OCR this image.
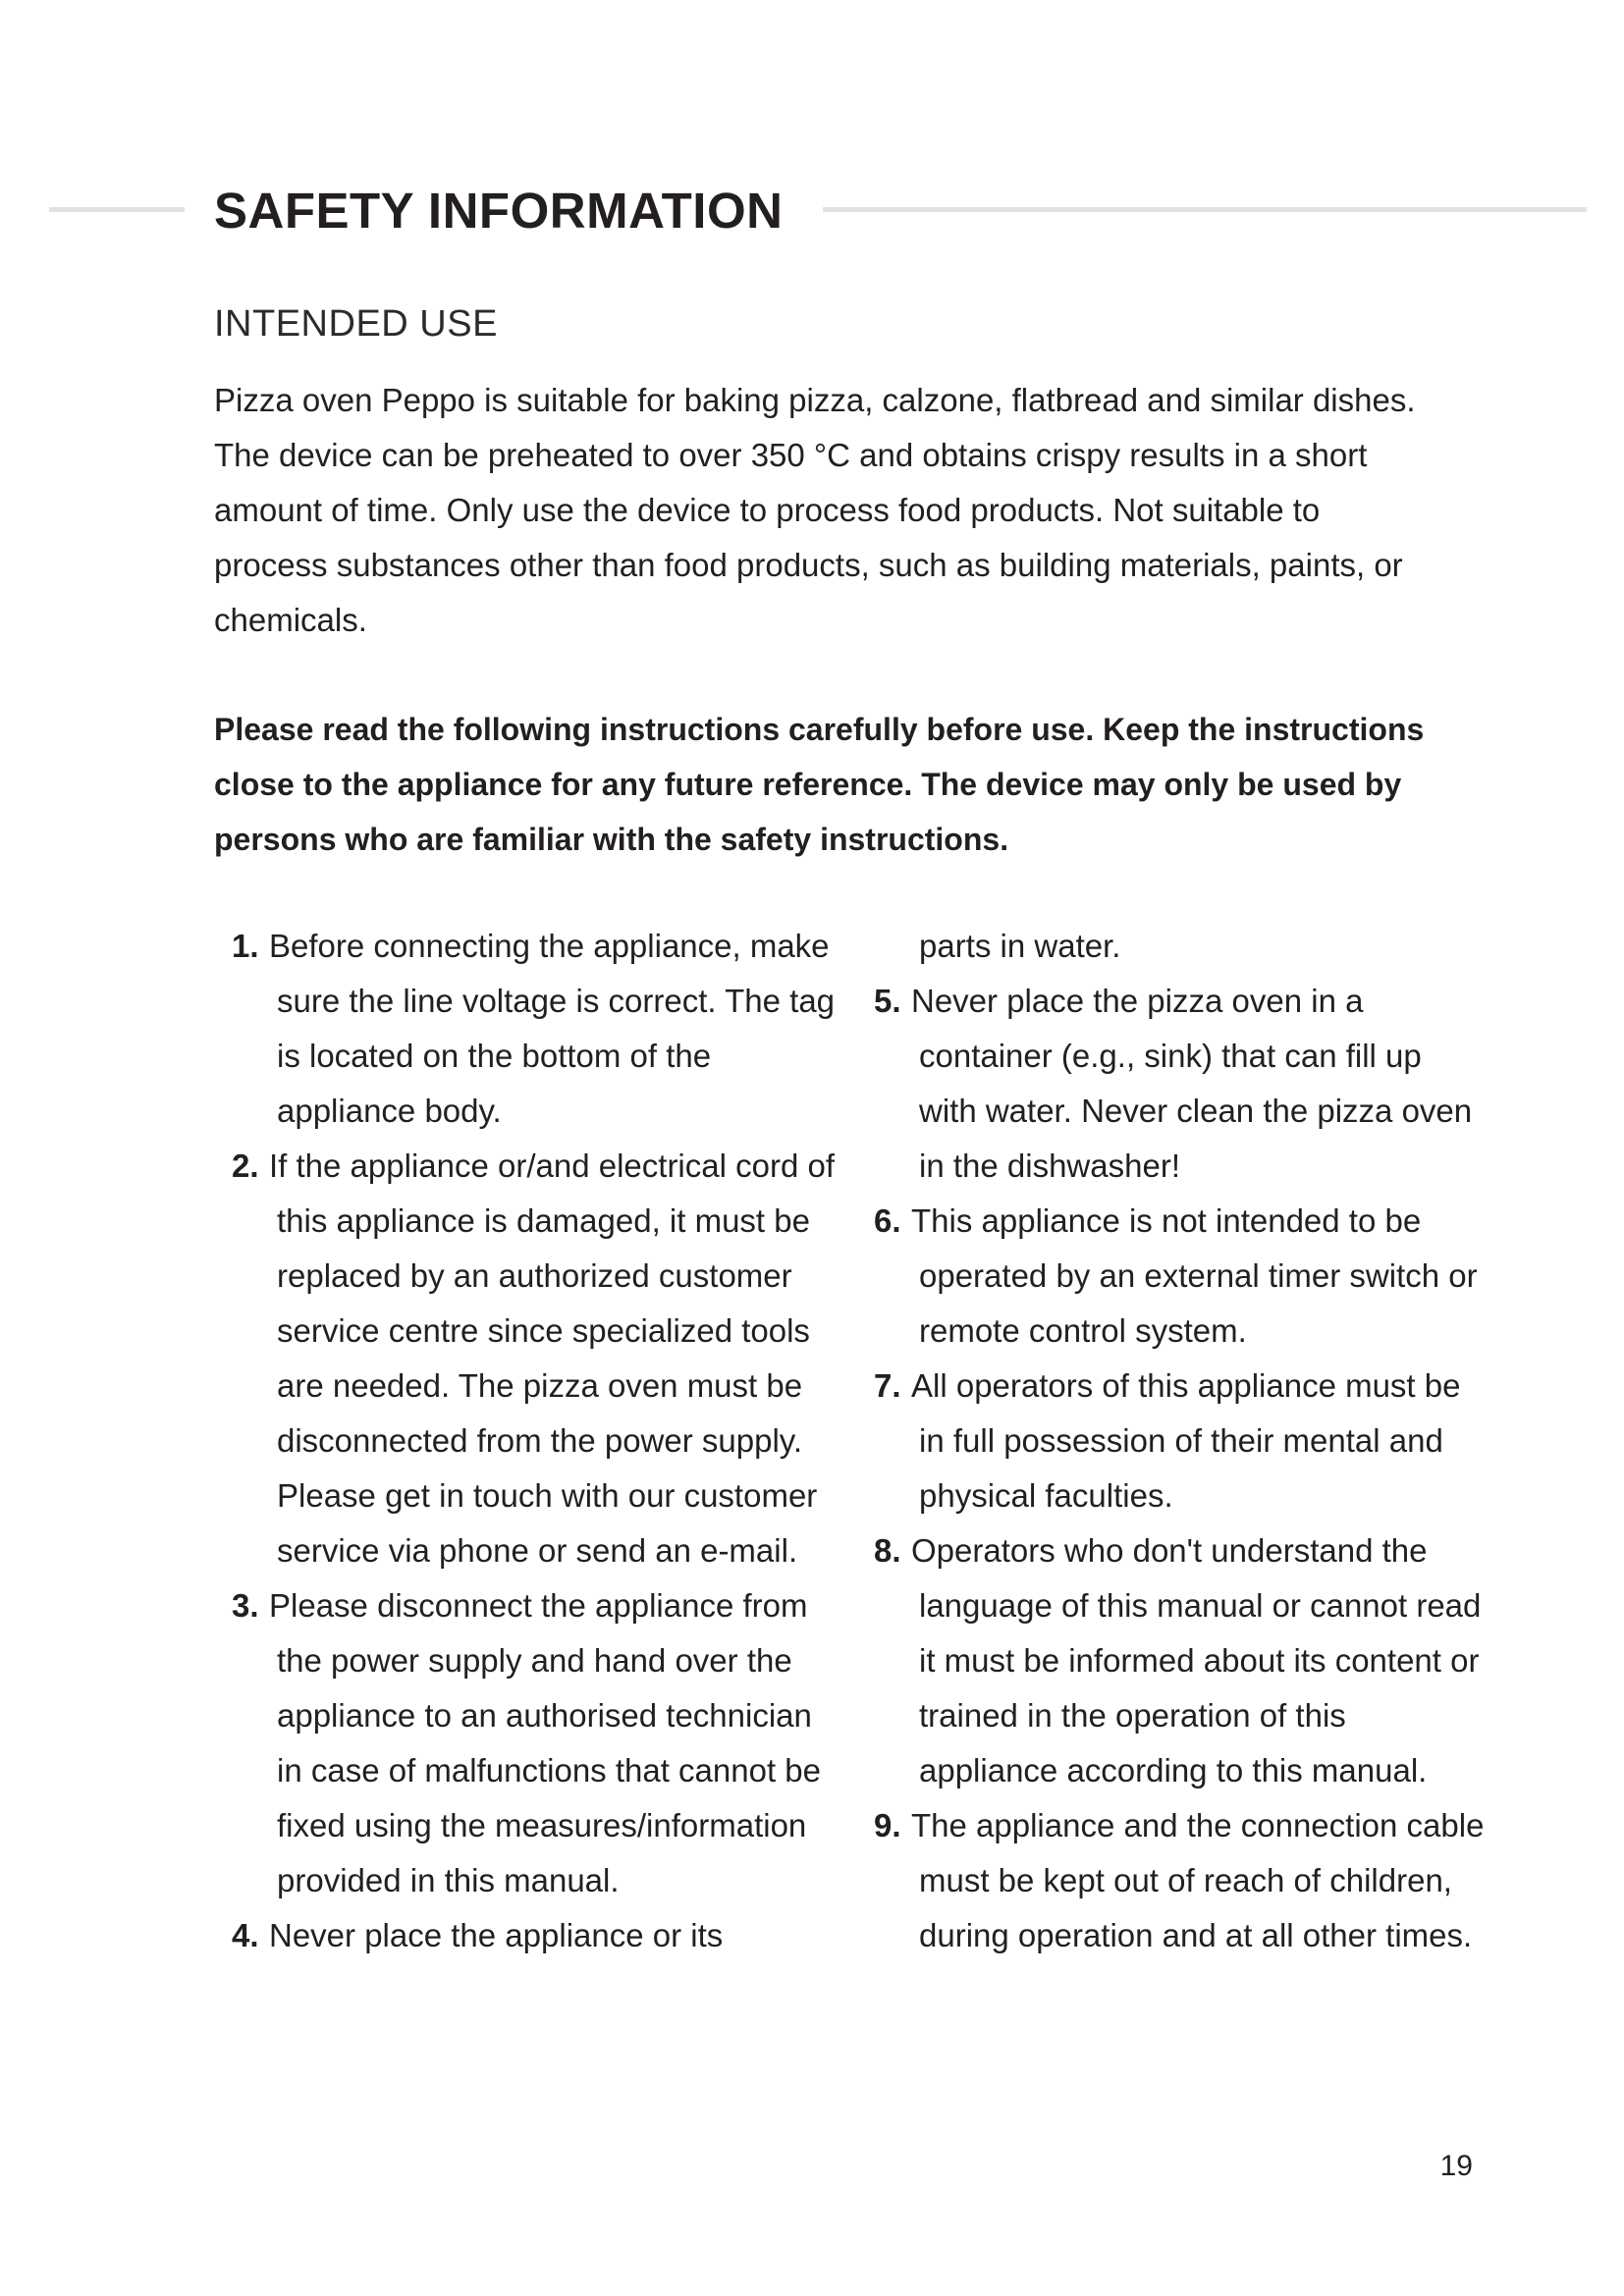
SAFETY INFORMATION
INTENDED USE

Pizza oven Peppo is suitable for baking pizza, calzone, flatbread and similar dishes. The device can be preheated to over 350 °C and obtains crispy results in a short amount of time. Only use the device to process food products. Not suitable to process substances other than food products, such as building materials, paints, or chemicals.

Please read the following instructions carefully before use. Keep the instructions close to the appliance for any future reference. The device may only be used by persons who are familiar with the safety instructions.

1. Before connecting the appliance, make sure the line voltage is correct. The tag is located on the bottom of the appliance body.
2. If the appliance or/and electrical cord of this appliance is damaged, it must be replaced by an authorized customer service centre since specialized tools are needed. The pizza oven must be disconnected from the power supply. Please get in touch with our customer service via phone or send an e-mail.
3. Please disconnect the appliance from the power supply and hand over the appliance to an authorised technician in case of malfunctions that cannot be fixed using the measures/information provided in this manual.
4. Never place the appliance or its
parts in water.
5. Never place the pizza oven in a container (e.g., sink) that can fill up with water. Never clean the pizza oven in the dishwasher!
6. This appliance is not intended to be operated by an external timer switch or remote control system.
7. All operators of this appliance must be in full possession of their mental and physical faculties.
8. Operators who don't understand the language of this manual or cannot read it must be informed about its content or trained in the operation of this appliance according to this manual.
9. The appliance and the connection cable must be kept out of reach of children, during operation and at all other times.
19
